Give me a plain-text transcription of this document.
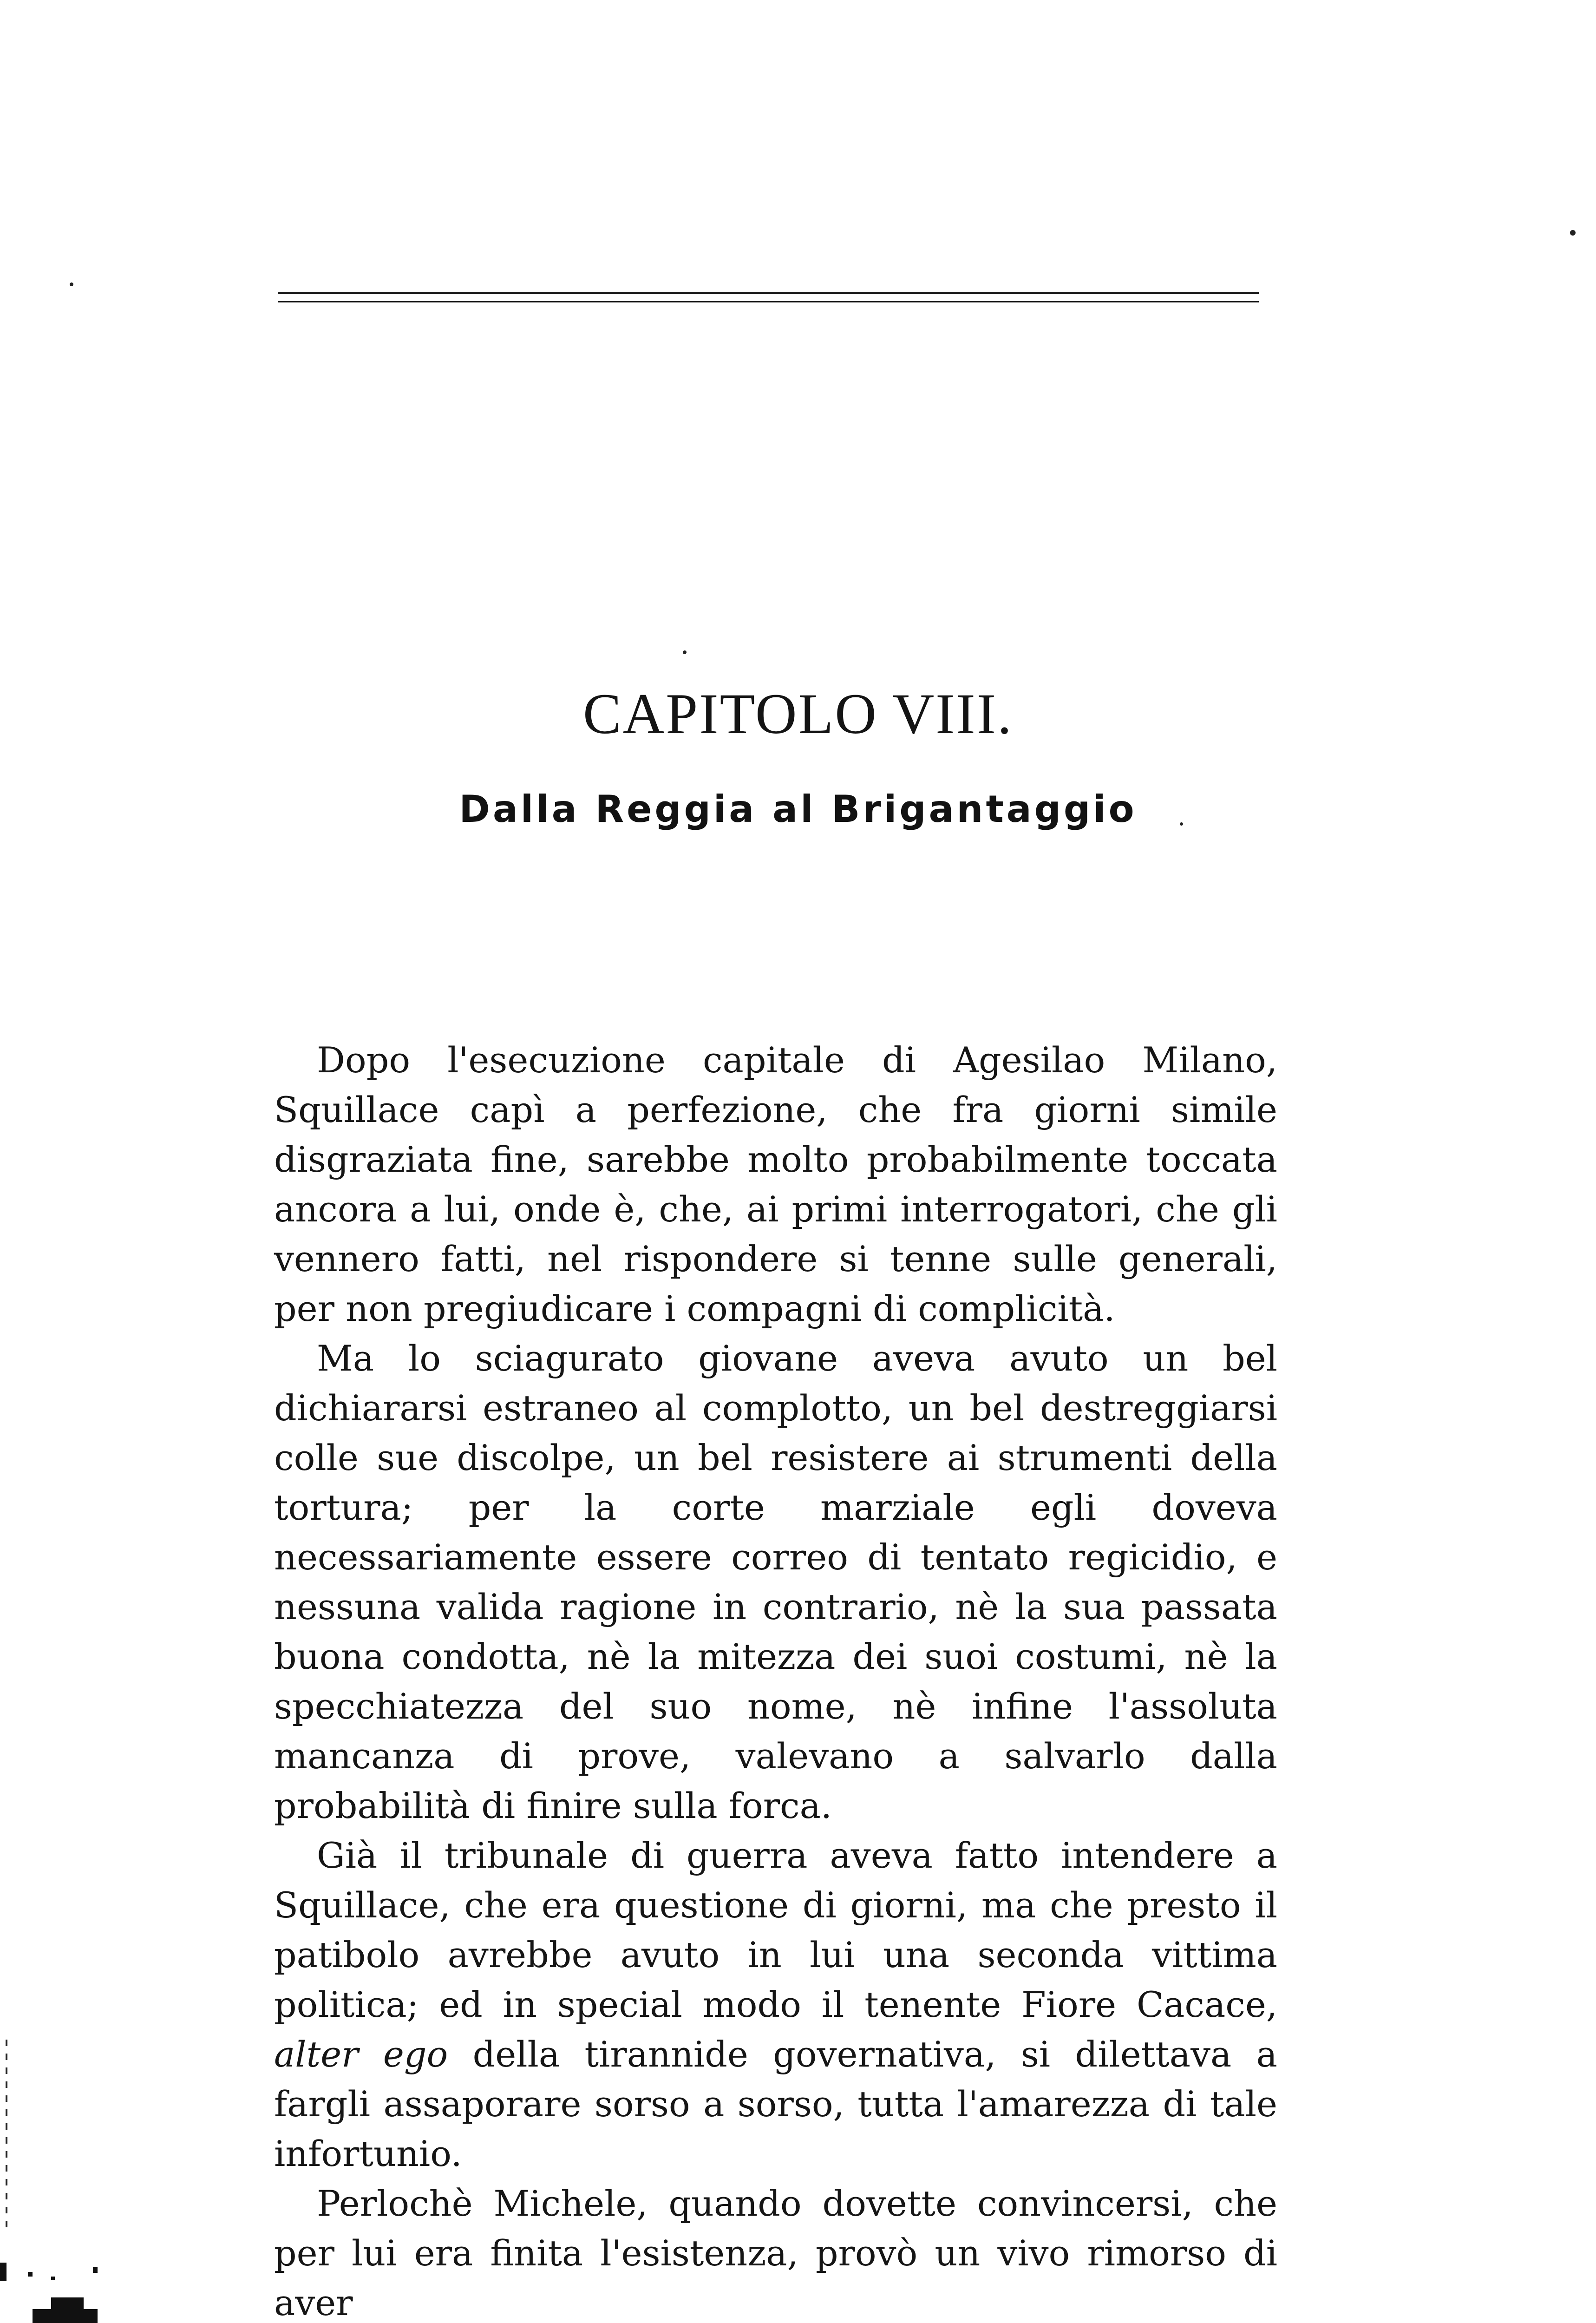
CAPITOLO VIII.
Dalla Reggia al Brigantaggio

Dopo l'esecuzione capitale di Agesilao Milano, Squillace capì a perfezione, che fra giorni simile disgraziata fine, sarebbe molto probabilmente toccata ancora a lui, onde è, che, ai primi interrogatori, che gli vennero fatti, nel rispondere si tenne sulle generali, per non pregiudicare i compagni di complicità.

Ma lo sciagurato giovane aveva avuto un bel dichiararsi estraneo al complotto, un bel destreggiarsi colle sue discolpe, un bel resistere ai strumenti della tortura; per la corte marziale egli doveva necessariamente essere correo di tentato regicidio, e nessuna valida ragione in contrario, nè la sua passata buona condotta, nè la mitezza dei suoi costumi, nè la specchiatezza del suo nome, nè infine l'assoluta mancanza di prove, valevano a salvarlo dalla probabilità di finire sulla forca.

Già il tribunale di guerra aveva fatto intendere a Squillace, che era questione di giorni, ma che presto il patibolo avrebbe avuto in lui una seconda vittima politica; ed in special modo il tenente Fiore Cacace, alter ego della tirannide governativa, si dilettava a fargli assaporare sorso a sorso, tutta l'amarezza di tale infortunio.

Perlochè Michele, quando dovette convincersi, che per lui era finita l'esistenza, provò un vivo rimorso di aver
